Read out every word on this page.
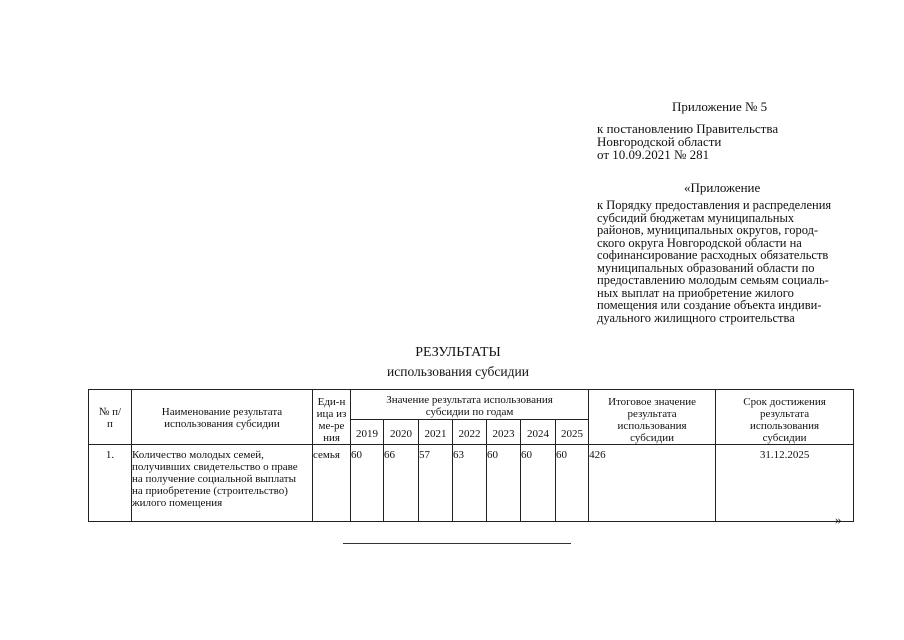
Приложение № 5
к постановлению Правительства
Новгородской области
от 10.09.2021 № 281
«Приложение
к Порядку предоставления и распределения
субсидий бюджетам муниципальных
районов, муниципальных округов, город-
ского округа Новгородской области на
софинансирование расходных обязательств
муниципальных образований области по
предоставлению молодым семьям социаль-
ных выплат на приобретение жилого
помещения или создание объекта индиви-
дуального жилищного строительства
РЕЗУЛЬТАТЫ
использования субсидии
№ п/п	Наименование результата использования субсидии	Еди-ница изме-рения	Значение результата использования субсидии по годам							Итоговое значение результата использования субсидии	Срок достижения результата использования субсидии
			2019	2020	2021	2022	2023	2024	2025		
1.	Количество молодых семей, получивших свидетельство о праве на получение социальной выплаты на приобретение (строительство) жилого помещения	семья	60	66	57	63	60	60	60	426	31.12.2025
»
